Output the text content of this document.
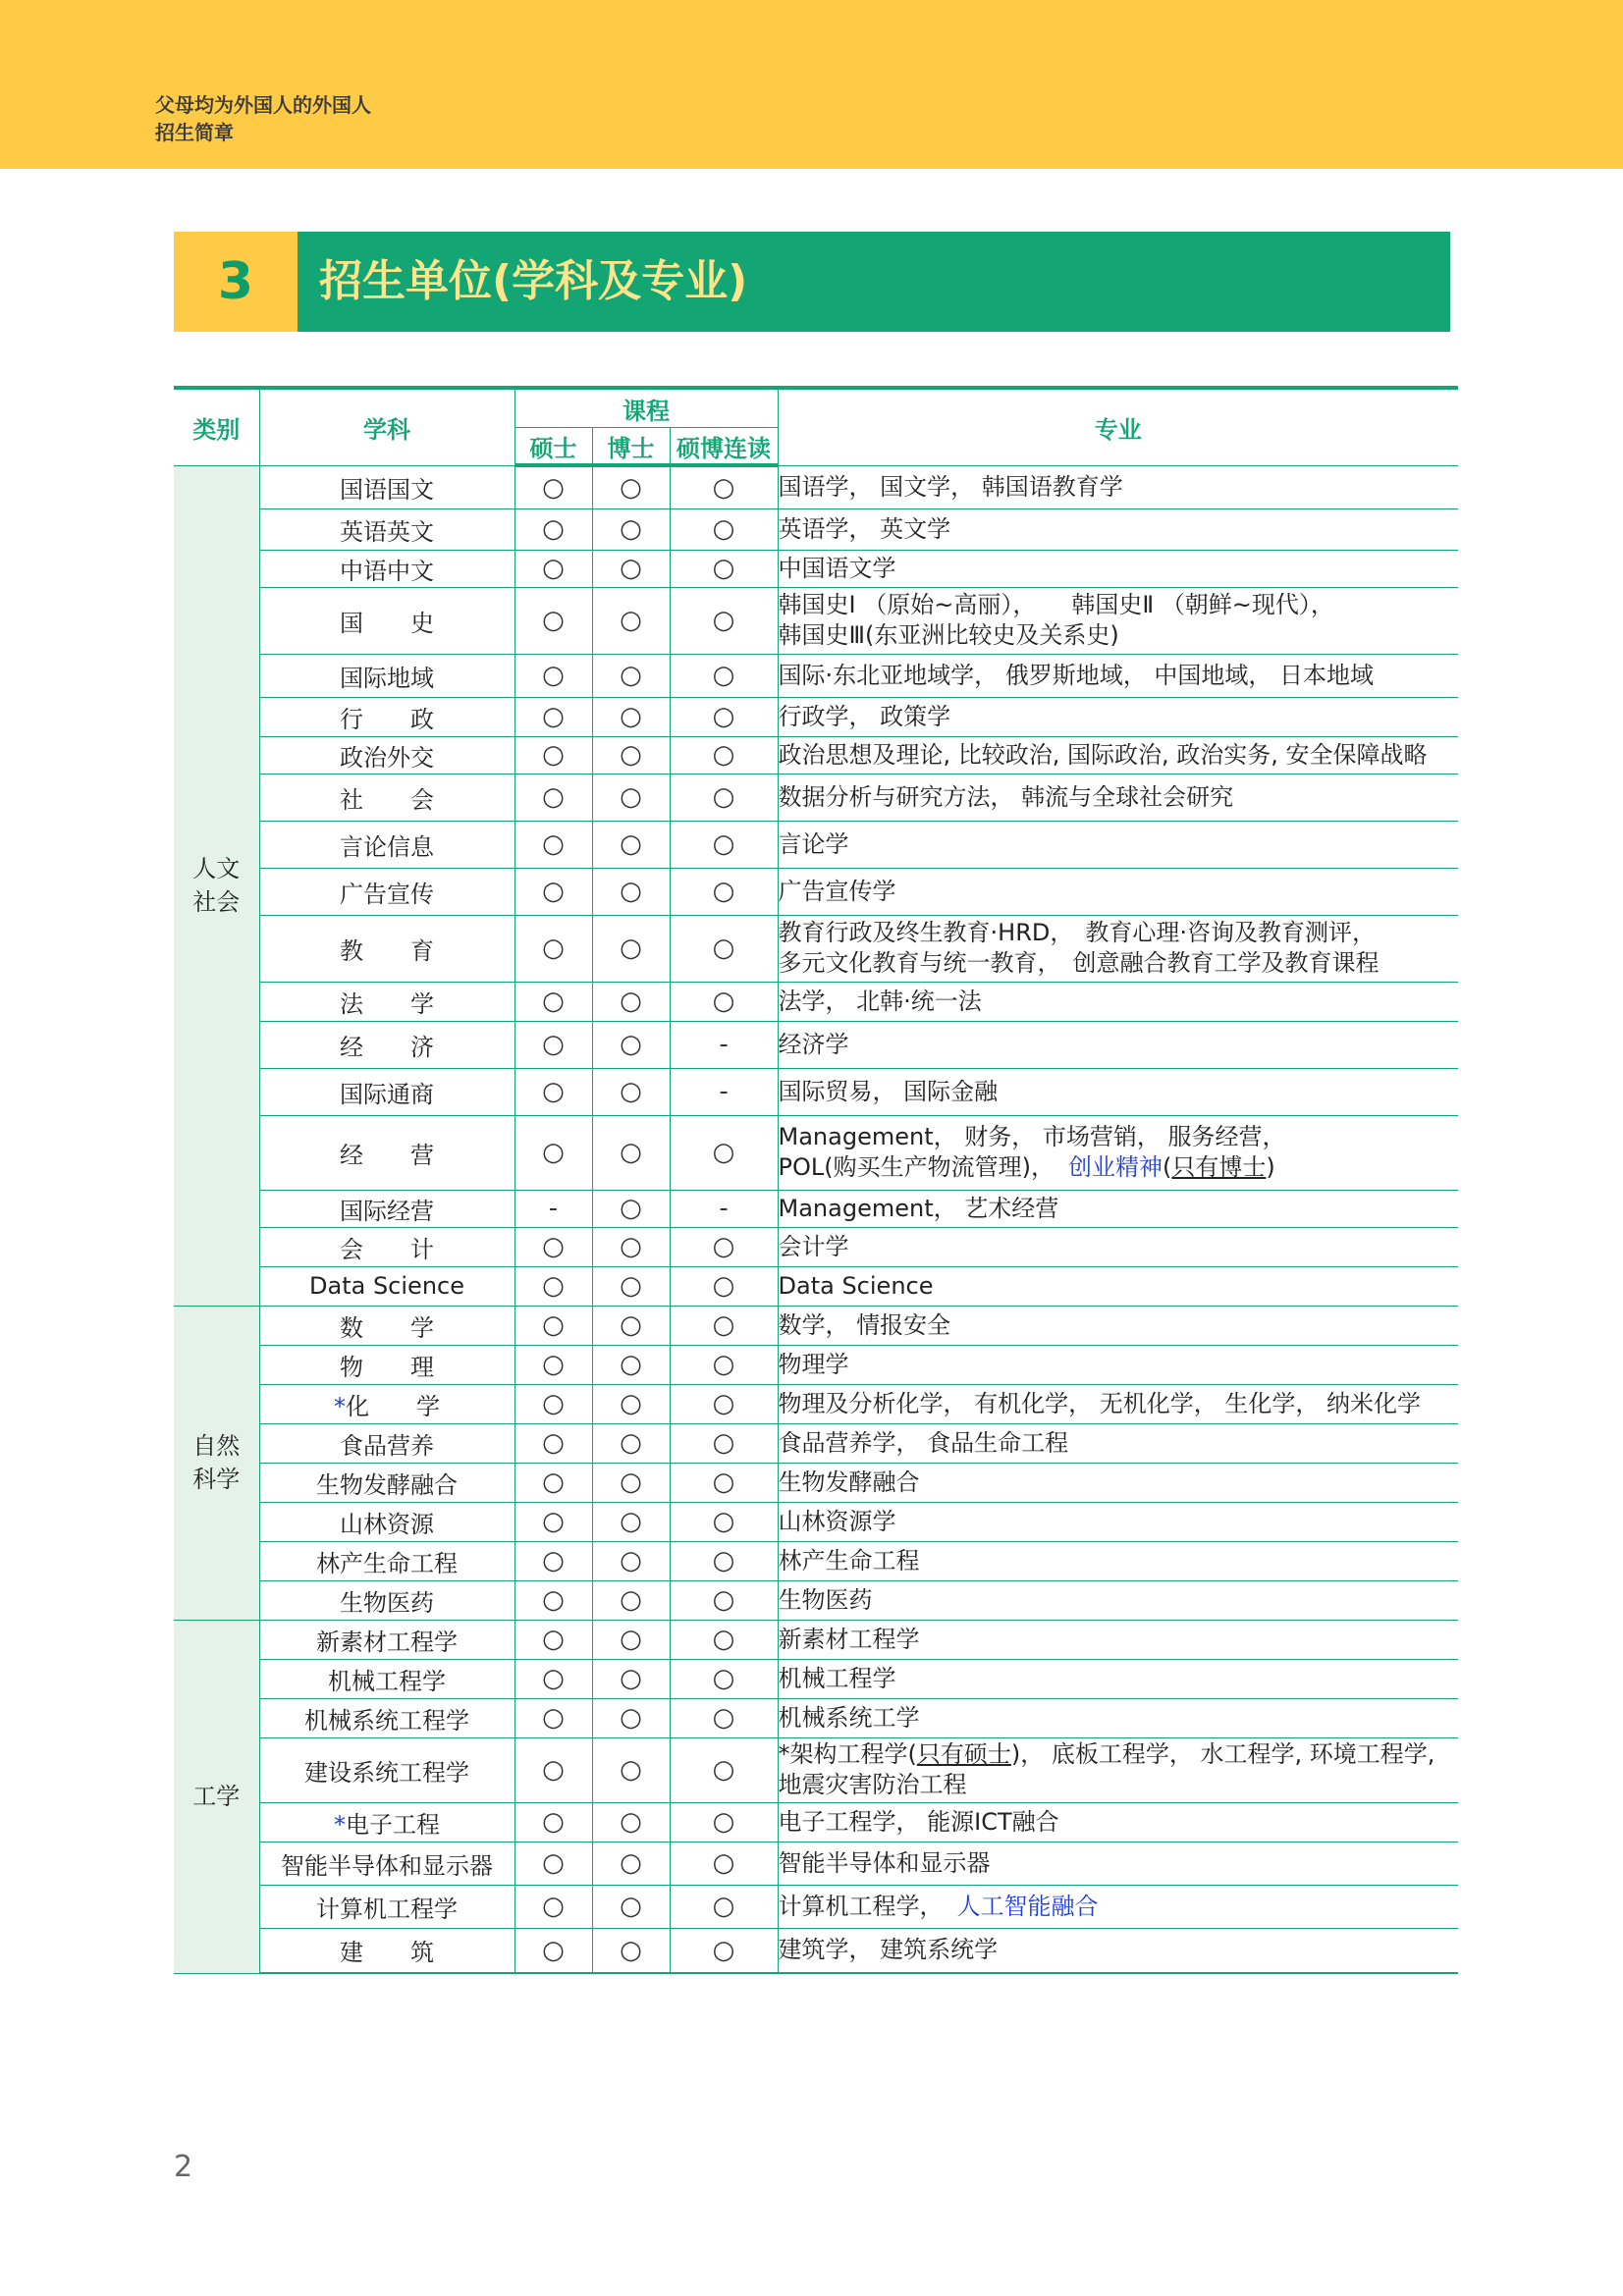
父母均为外国人的外国人
招生简章
3	招生单位(学科及专业)
类别	学科	课程			专业
		硕士	博士	硕博连读	

人文
社会	国语国文	○	○	○	国语学， 国文学， 韩国语教育学
	英语英文	○	○	○	英语学， 英文学
	中语中文	○	○	○	中国语文学
	国　　史	○	○	○	韩国史Ⅰ （原始~高丽），　　韩国史Ⅱ （朝鲜~现代），
韩国史Ⅲ(东亚洲比较史及关系史)

	国际地域	○	○	○	国际·东北亚地域学， 俄罗斯地域， 中国地域， 日本地域
	行　　政	○	○	○	行政学， 政策学
	政治外交	○	○	○	政治思想及理论, 比较政治, 国际政治, 政治实务, 安全保障战略
	社　　会	○	○	○	数据分析与研究方法， 韩流与全球社会研究
	言论信息	○	○	○	言论学
	广告宣传	○	○	○	广告宣传学
	教　　育	○	○	○	教育行政及终生教育·HRD，　教育心理·咨询及教育测评，
多元文化教育与统一教育，　创意融合教育工学及教育课程

	法　　学	○	○	○	法学， 北韩·统一法
	经　　济	○	○	-	经济学
	国际通商	○	○	-	国际贸易， 国际金融
	经　　营	○	○	○	Management， 财务， 市场营销， 服务经营，
POL(购买生产物流管理)， 创业精神(只有博士)

	国际经营	-	○	-	Management， 艺术经营
	会　　计	○	○	○	会计学
	Data Science	○	○	○	Data Science

自然
科学	数　　学	○	○	○	数学， 情报安全
	物　　理	○	○	○	物理学
	*化　　学	○	○	○	物理及分析化学， 有机化学， 无机化学， 生化学， 纳米化学
	食品营养	○	○	○	食品营养学， 食品生命工程
	生物发酵融合	○	○	○	生物发酵融合
	山林资源	○	○	○	山林资源学
	林产生命工程	○	○	○	林产生命工程
	生物医药	○	○	○	生物医药

工学	新素材工程学	○	○	○	新素材工程学
	机械工程学	○	○	○	机械工程学
	机械系统工程学	○	○	○	机械系统工学
	建设系统工程学	○	○	○	*架构工程学(只有硕士)， 底板工程学， 水工程学, 环境工程学,
地震灾害防治工程

	*电子工程	○	○	○	电子工程学， 能源ICT融合
	智能半导体和显示器	○	○	○	智能半导体和显示器
	计算机工程学	○	○	○	计算机工程学， 人工智能融合
	建　　筑	○	○	○	建筑学， 建筑系统学
2
